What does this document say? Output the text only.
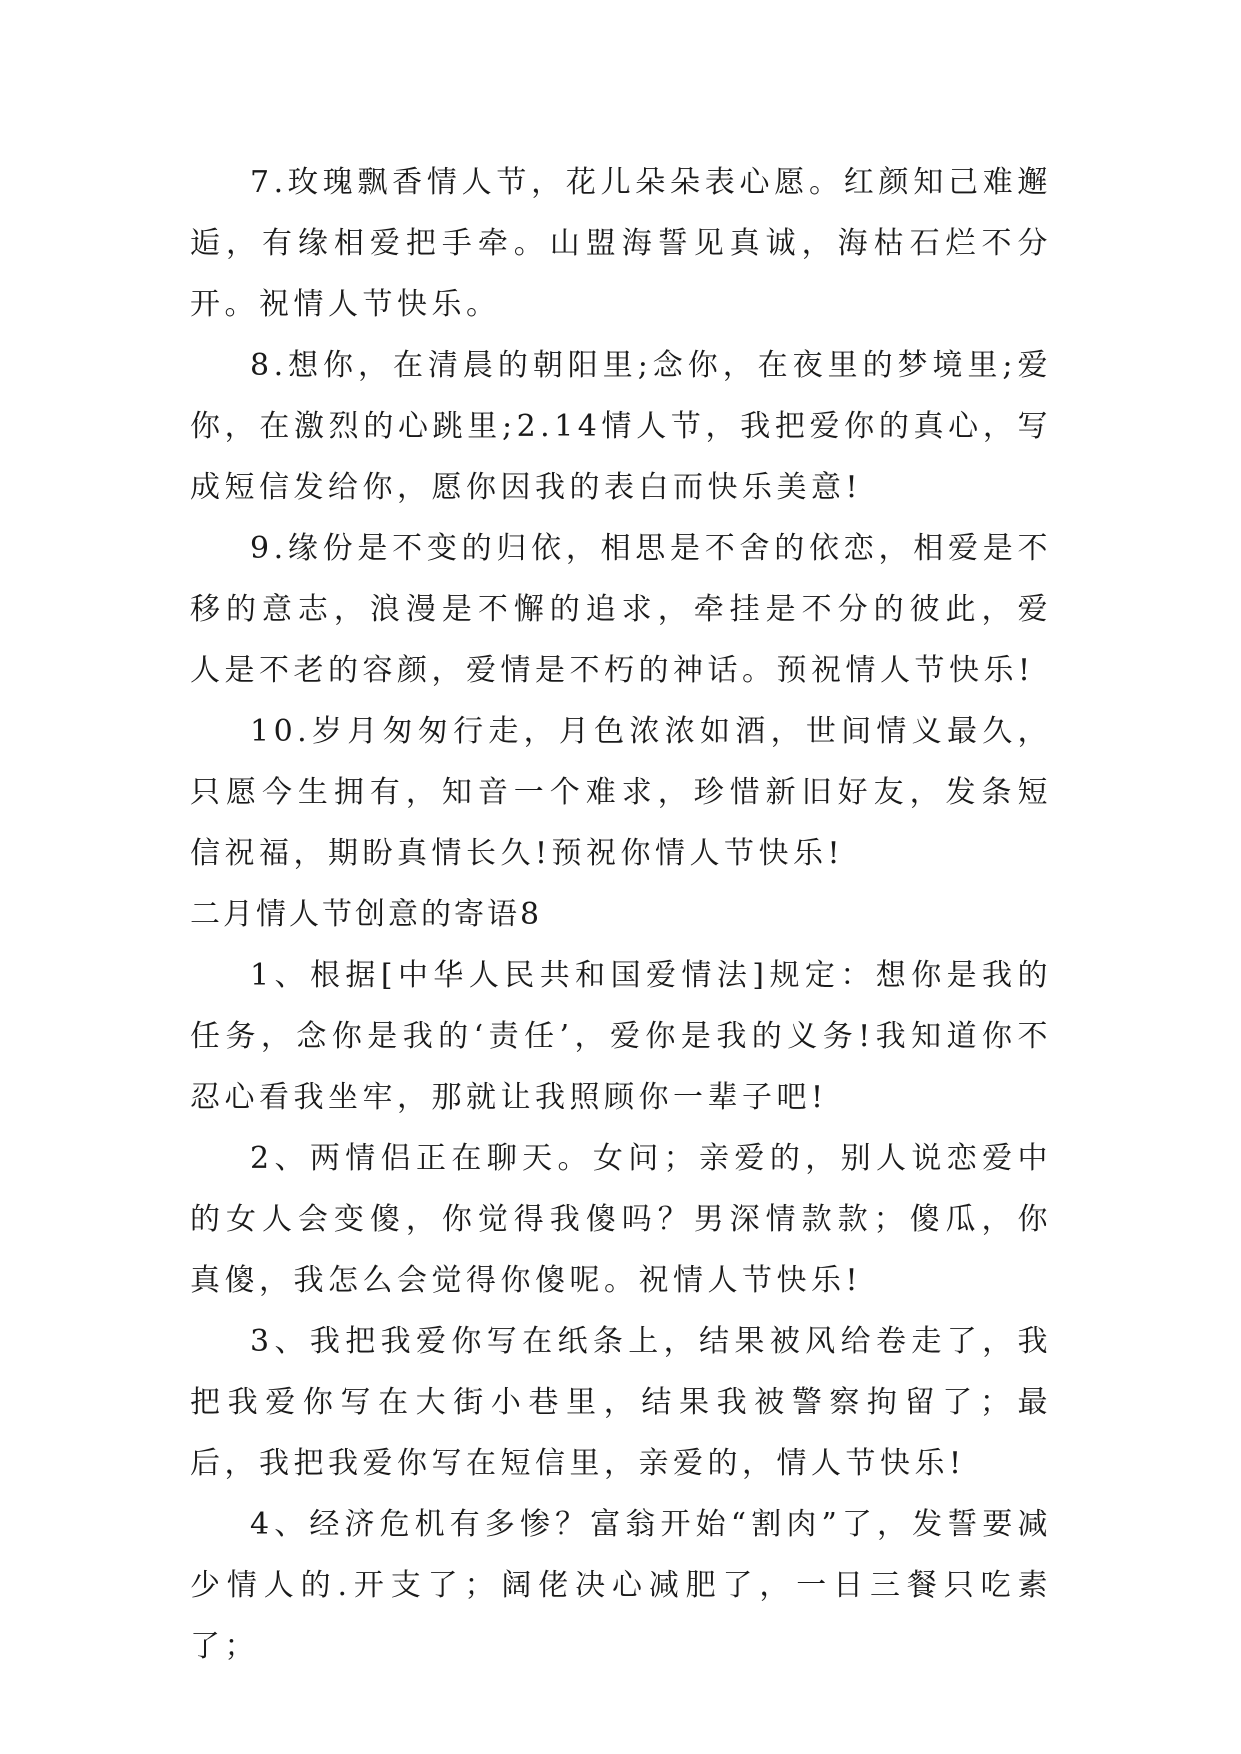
7.玫瑰飘香情人节，花儿朵朵表心愿。红颜知己难邂逅，有缘相爱把手牵。山盟海誓见真诚，海枯石烂不分开。祝情人节快乐。

8.想你，在清晨的朝阳里;念你，在夜里的梦境里;爱你，在激烈的心跳里;2.14情人节，我把爱你的真心，写成短信发给你，愿你因我的表白而快乐美意!

9.缘份是不变的归依，相思是不舍的依恋，相爱是不移的意志，浪漫是不懈的追求，牵挂是不分的彼此，爱人是不老的容颜，爱情是不朽的神话。预祝情人节快乐!

10.岁月匆匆行走，月色浓浓如酒，世间情义最久，只愿今生拥有，知音一个难求，珍惜新旧好友，发条短信祝福，期盼真情长久!预祝你情人节快乐!

二月情人节创意的寄语8

1、根据[中华人民共和国爱情法]规定：想你是我的任务，念你是我的‘责任’，爱你是我的义务!我知道你不忍心看我坐牢，那就让我照顾你一辈子吧!

2、两情侣正在聊天。女问；亲爱的，别人说恋爱中的女人会变傻，你觉得我傻吗？男深情款款；傻瓜，你真傻，我怎么会觉得你傻呢。祝情人节快乐!

3、我把我爱你写在纸条上，结果被风给卷走了，我把我爱你写在大街小巷里，结果我被警察拘留了；最后，我把我爱你写在短信里，亲爱的，情人节快乐!

4、经济危机有多惨？富翁开始“割肉”了，发誓要减少情人的.开支了；阔佬决心减肥了，一日三餐只吃素了；
